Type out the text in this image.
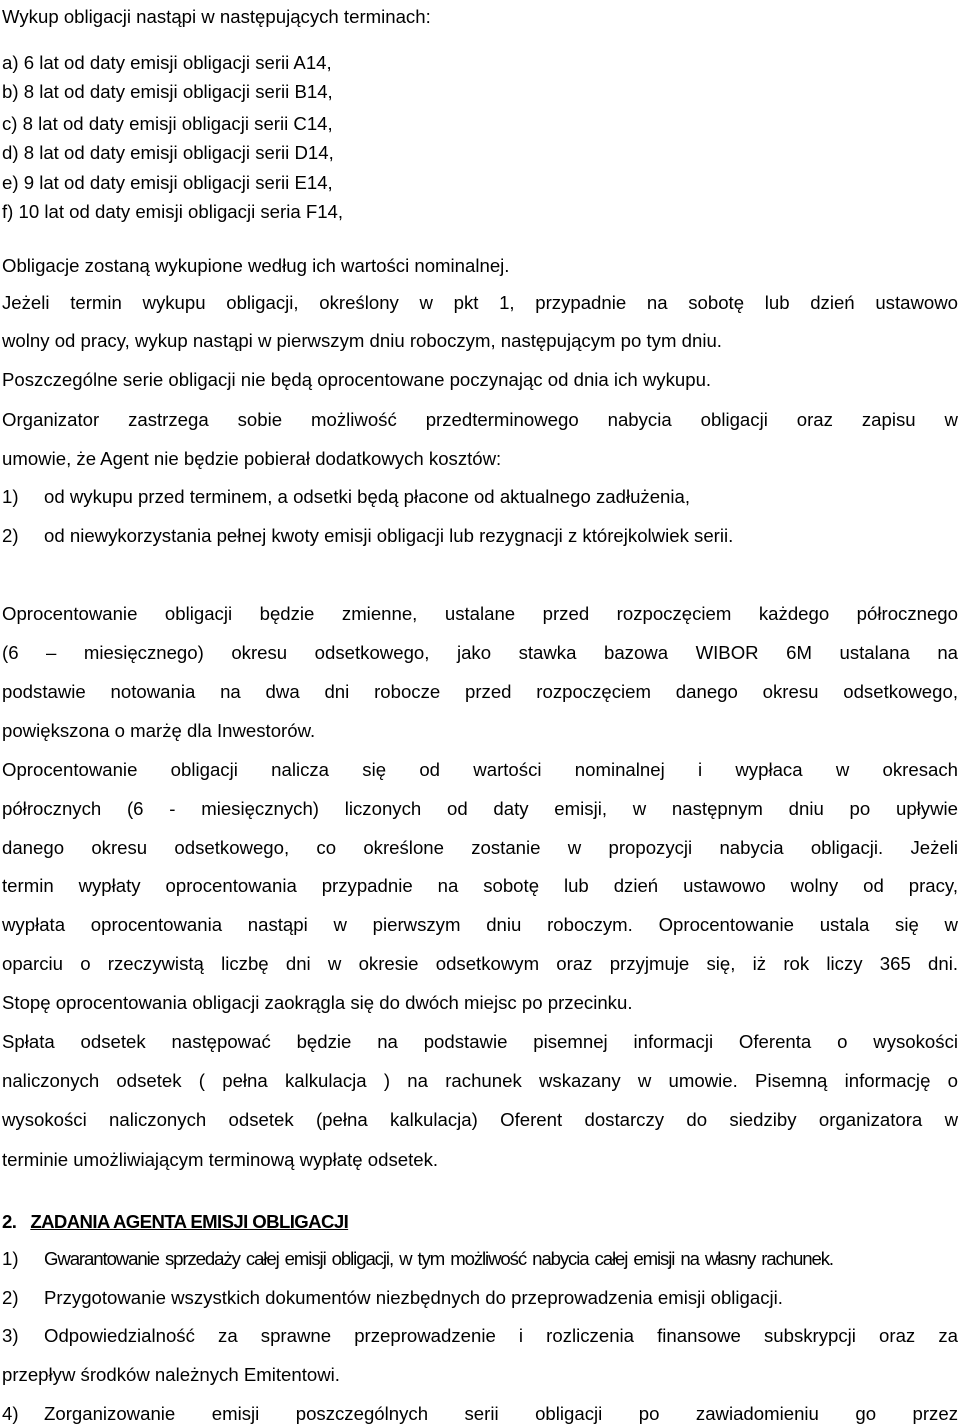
Wykup obligacji nastąpi w następujących terminach:
a) 6 lat od daty emisji obligacji serii A14,
b) 8 lat od daty emisji obligacji serii B14,
c) 8 lat od daty emisji obligacji serii C14,
d) 8 lat od daty emisji obligacji serii D14,
e) 9 lat od daty emisji obligacji serii E14,
f) 10 lat od daty emisji obligacji seria F14,
Obligacje zostaną wykupione według ich wartości nominalnej.
Jeżeli termin wykupu obligacji, określony w pkt 1, przypadnie na sobotę lub dzień ustawowo
wolny od pracy, wykup nastąpi w pierwszym dniu roboczym, następującym po tym dniu.
Poszczególne serie obligacji nie będą oprocentowane poczynając od dnia ich wykupu.
Organizator zastrzega sobie możliwość przedterminowego nabycia obligacji oraz zapisu w
umowie, że Agent nie będzie pobierał dodatkowych kosztów:
1) od wykupu przed terminem, a odsetki będą płacone od aktualnego zadłużenia,
2) od niewykorzystania pełnej kwoty emisji obligacji lub rezygnacji z którejkolwiek serii.
Oprocentowanie obligacji będzie zmienne, ustalane przed rozpoczęciem każdego półrocznego
(6 – miesięcznego) okresu odsetkowego, jako stawka bazowa WIBOR 6M ustalana na
podstawie notowania na dwa dni robocze przed rozpoczęciem danego okresu odsetkowego,
powiększona o marżę dla Inwestorów.
Oprocentowanie obligacji nalicza się od wartości nominalnej i wypłaca w okresach
półrocznych (6 - miesięcznych) liczonych od daty emisji, w następnym dniu po upływie
danego okresu odsetkowego, co określone zostanie w propozycji nabycia obligacji. Jeżeli
termin wypłaty oprocentowania przypadnie na sobotę lub dzień ustawowo wolny od pracy,
wypłata oprocentowania nastąpi w pierwszym dniu roboczym. Oprocentowanie ustala się w
oparciu o rzeczywistą liczbę dni w okresie odsetkowym oraz przyjmuje się, iż rok liczy 365 dni.
Stopę oprocentowania obligacji zaokrągla się do dwóch miejsc po przecinku.
Spłata odsetek następować będzie na podstawie pisemnej informacji Oferenta o wysokości
naliczonych odsetek ( pełna kalkulacja ) na rachunek wskazany w umowie. Pisemną informację o
wysokości naliczonych odsetek (pełna kalkulacja) Oferent dostarczy do siedziby organizatora w
terminie umożliwiającym terminową wypłatę odsetek.
2. ZADANIA AGENTA EMISJI OBLIGACJI
1) Gwarantowanie sprzedaży całej emisji obligacji, w tym możliwość nabycia całej emisji na własny rachunek.
2) Przygotowanie wszystkich dokumentów niezbędnych do przeprowadzenia emisji obligacji.
3) Odpowiedzialność za sprawne przeprowadzenie i rozliczenia finansowe subskrypcji oraz za
przepływ środków należnych Emitentowi.
4) Zorganizowanie emisji poszczególnych serii obligacji po zawiadomieniu go przez
